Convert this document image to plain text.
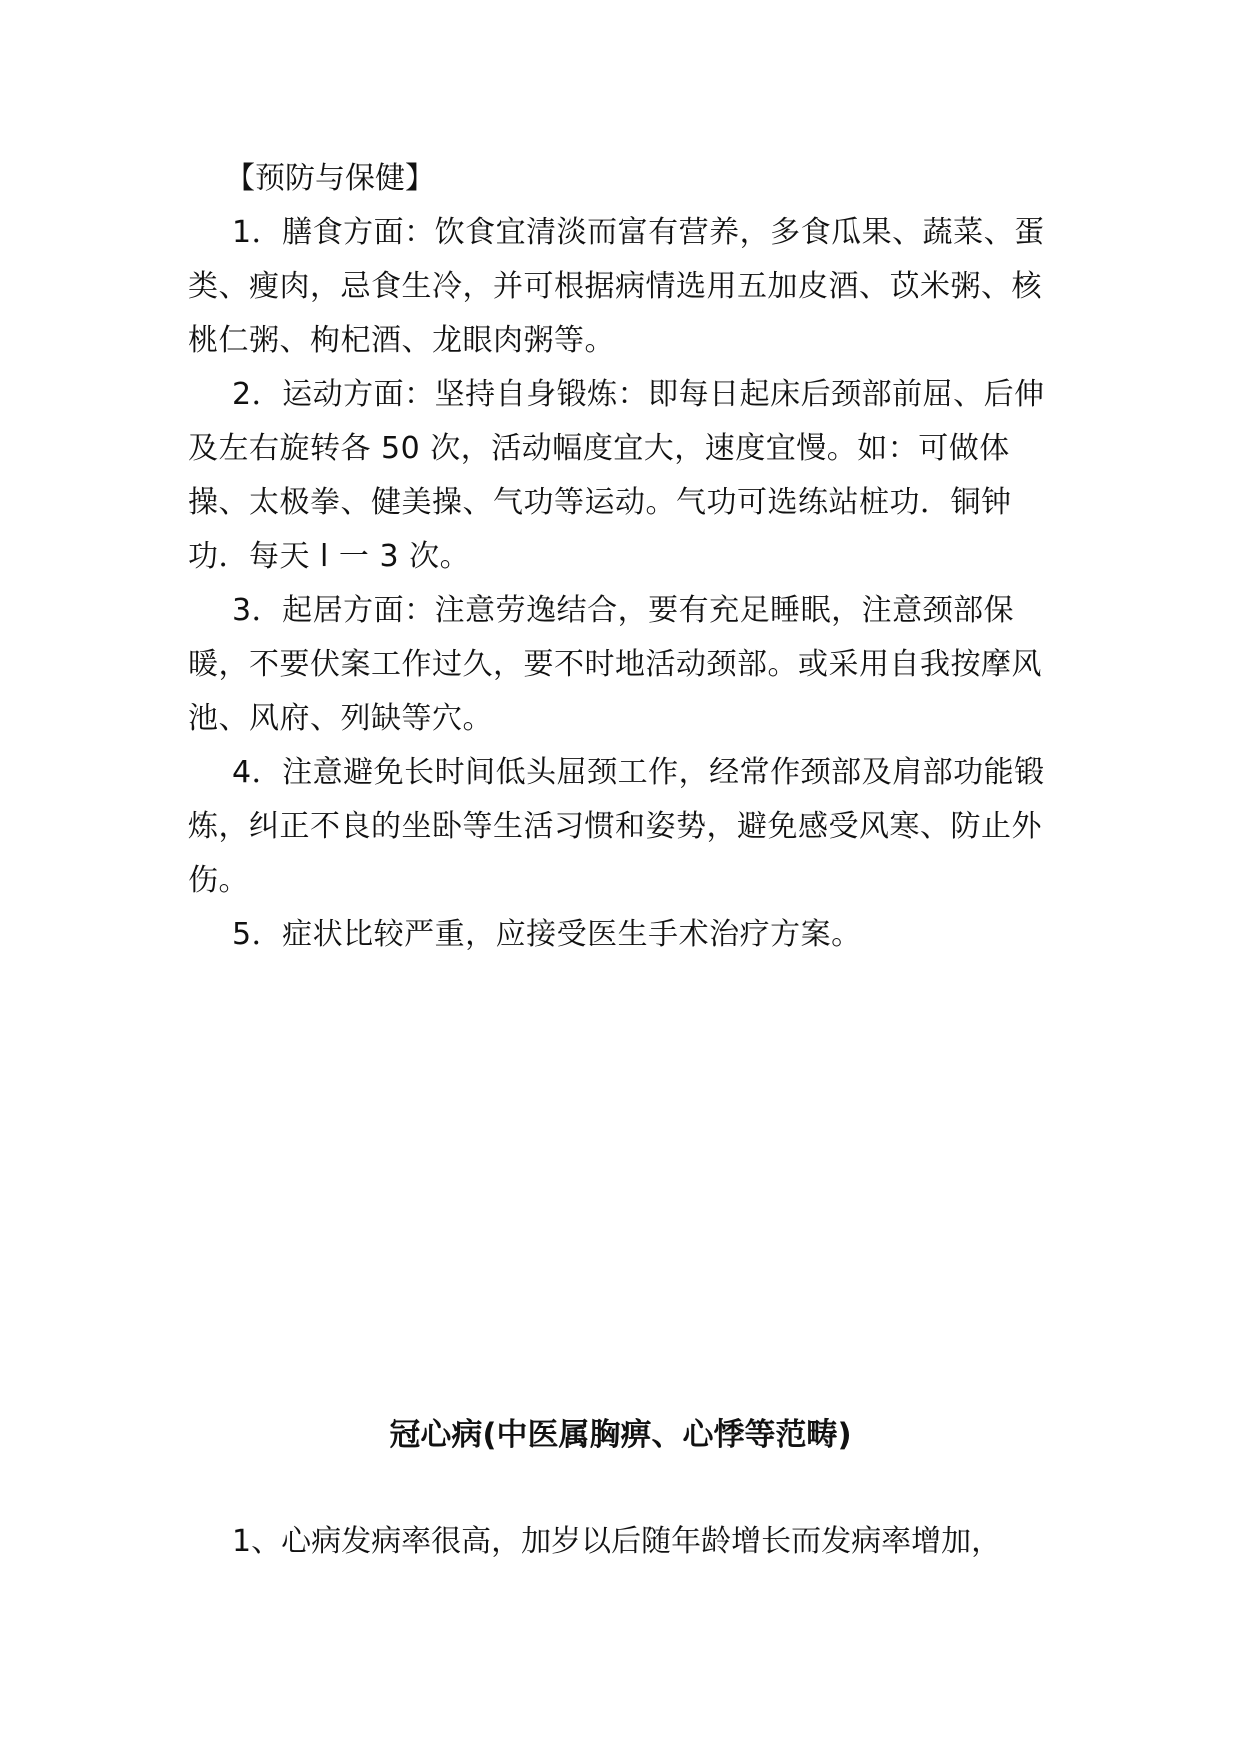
【预防与保健】

1．膳食方面：饮食宜清淡而富有营养，多食瓜果、蔬菜、蛋类、瘦肉，忌食生冷，并可根据病情选用五加皮酒、苡米粥、核桃仁粥、枸杞酒、龙眼肉粥等。

2．运动方面：坚持自身锻炼：即每日起床后颈部前屈、后伸及左右旋转各 50 次，活动幅度宜大，速度宜慢。如：可做体操、太极拳、健美操、气功等运动。气功可选练站桩功．铜钟功．每天 l 一 3 次。

3．起居方面：注意劳逸结合，要有充足睡眠，注意颈部保暖，不要伏案工作过久，要不时地活动颈部。或采用自我按摩风池、风府、列缺等穴。

4．注意避免长时间低头屈颈工作，经常作颈部及肩部功能锻炼，纠正不良的坐卧等生活习惯和姿势，避免感受风寒、防止外伤。

5．症状比较严重，应接受医生手术治疗方案。

冠心病(中医属胸痹、心悸等范畴)

1、心病发病率很高，加岁以后随年龄增长而发病率增加，
